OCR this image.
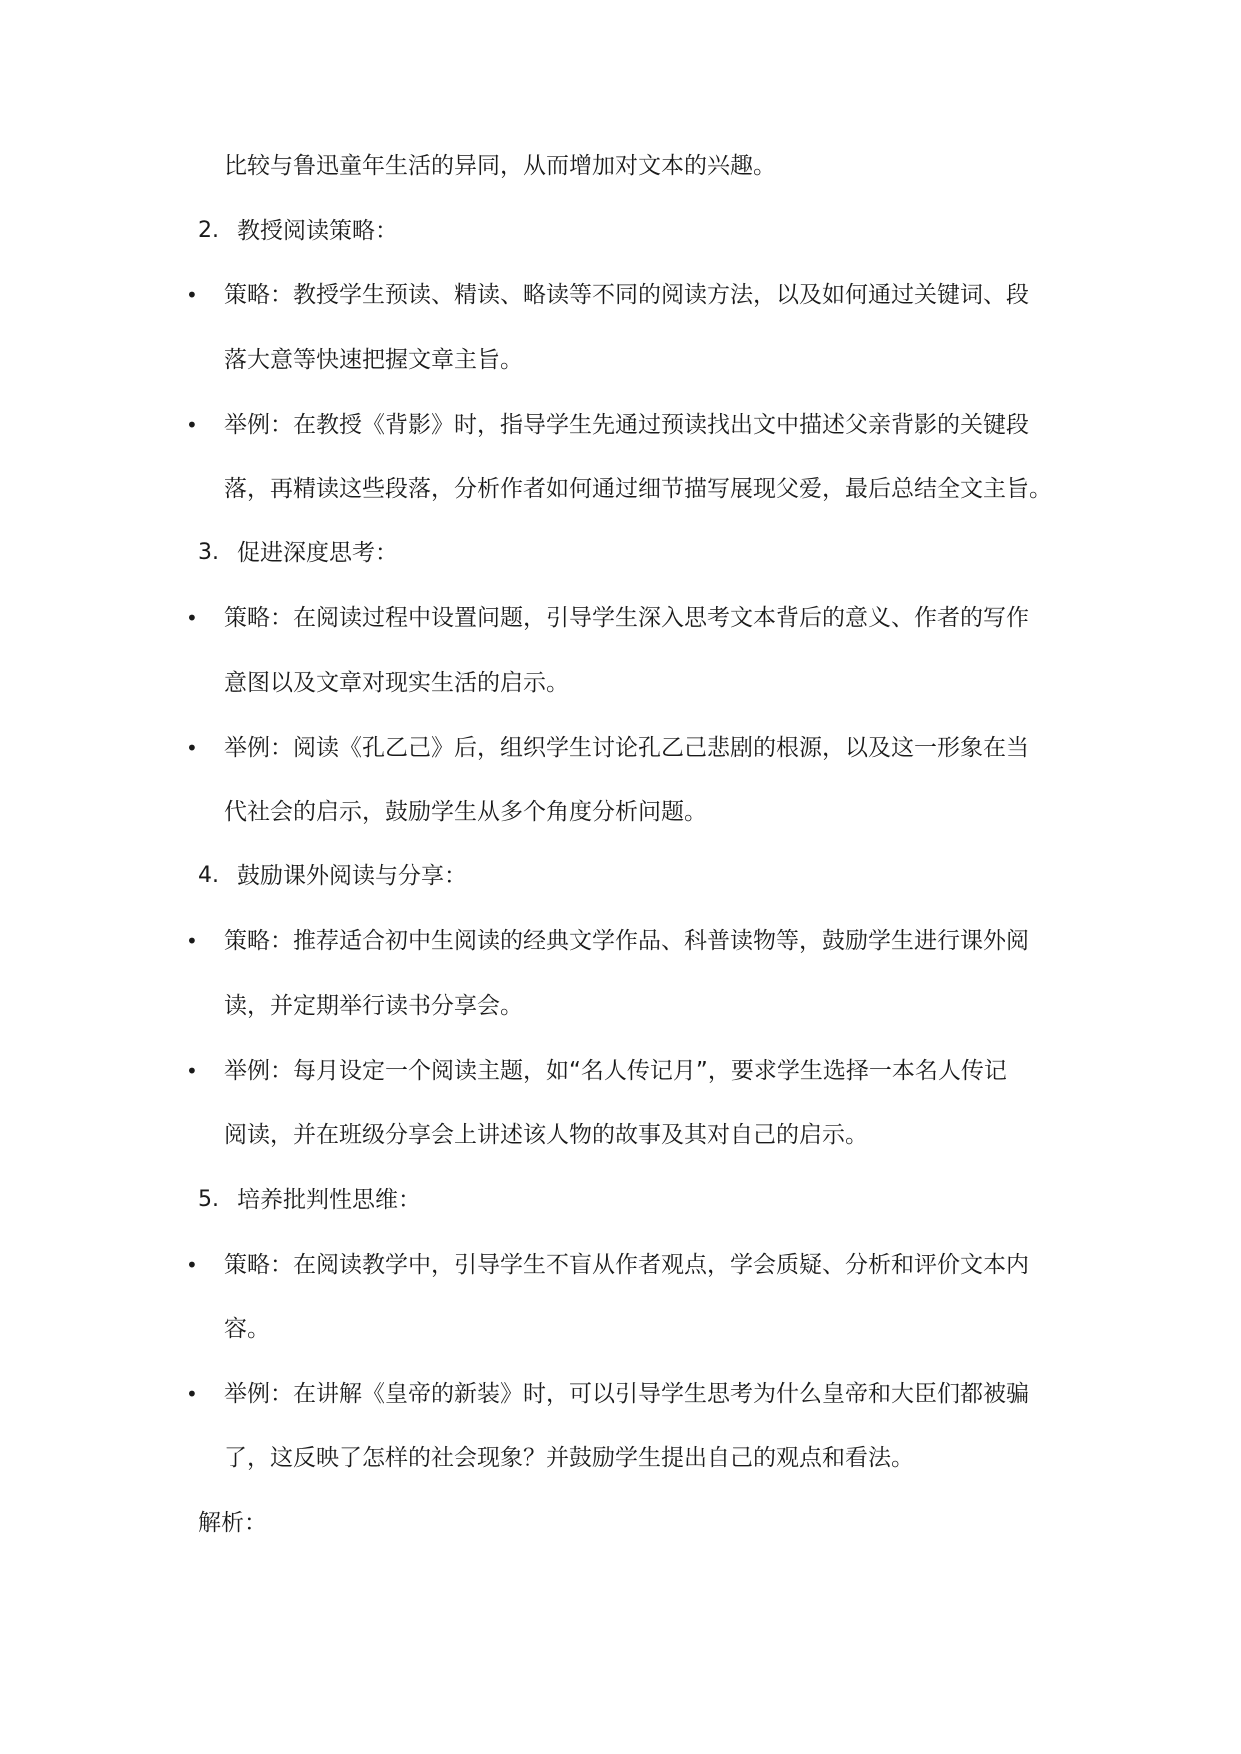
比较与鲁迅童年生活的异同，从而增加对文本的兴趣。
2. 教授阅读策略：
• 策略：教授学生预读、精读、略读等不同的阅读方法，以及如何通过关键词、段
落大意等快速把握文章主旨。
• 举例：在教授《背影》时，指导学生先通过预读找出文中描述父亲背影的关键段
落，再精读这些段落，分析作者如何通过细节描写展现父爱，最后总结全文主旨。
3. 促进深度思考：
• 策略：在阅读过程中设置问题，引导学生深入思考文本背后的意义、作者的写作
意图以及文章对现实生活的启示。
• 举例：阅读《孔乙己》后，组织学生讨论孔乙己悲剧的根源，以及这一形象在当
代社会的启示，鼓励学生从多个角度分析问题。
4. 鼓励课外阅读与分享：
• 策略：推荐适合初中生阅读的经典文学作品、科普读物等，鼓励学生进行课外阅
读，并定期举行读书分享会。
• 举例：每月设定一个阅读主题，如“名人传记月”，要求学生选择一本名人传记
阅读，并在班级分享会上讲述该人物的故事及其对自己的启示。
5. 培养批判性思维：
• 策略：在阅读教学中，引导学生不盲从作者观点，学会质疑、分析和评价文本内
容。
• 举例：在讲解《皇帝的新装》时，可以引导学生思考为什么皇帝和大臣们都被骗
了，这反映了怎样的社会现象？并鼓励学生提出自己的观点和看法。
解析：
